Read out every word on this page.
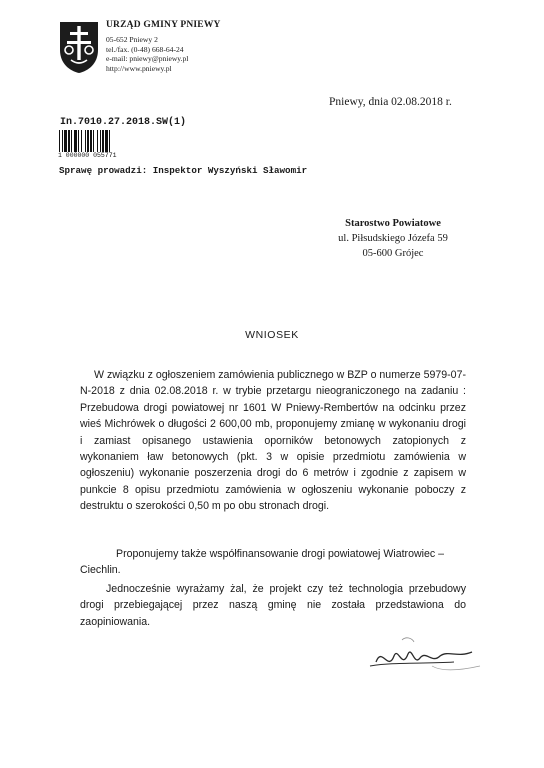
URZĄD GMINY PNIEWY
05-652 Pniewy 2
tel./fax. (0-48) 668-64-24
e-mail: pniewy@pniewy.pl
http://www.pniewy.pl
Pniewy, dnia 02.08.2018 r.
In.7010.27.2018.SW(1)
1 000000 055771
Sprawę prowadzi: Inspektor Wyszyński Sławomir
Starostwo Powiatowe
ul. Piłsudskiego Józefa 59
05-600 Grójec
WNIOSEK
W związku z ogłoszeniem zamówienia publicznego w BZP o numerze 5979-07-N-2018 z dnia 02.08.2018 r. w trybie przetargu nieograniczonego na zadaniu : Przebudowa drogi powiatowej nr 1601 W Pniewy-Rembertów na odcinku przez wieś Michrówek o długości 2 600,00 mb, proponujemy zmianę w wykonaniu drogi i zamiast opisanego ustawienia oporników betonowych zatopionych z wykonaniem ław betonowych (pkt. 3 w opisie przedmiotu zamówienia w ogłoszeniu) wykonanie poszerzenia drogi do 6 metrów i zgodnie z zapisem w punkcie 8 opisu przedmiotu zamówienia w ogłoszeniu wykonanie poboczy z destruktu o szerokości 0,50 m po obu stronach drogi.
Proponujemy także współfinansowanie drogi powiatowej Wiatrowiec – Ciechlin.
Jednocześnie wyrażamy żal, że projekt czy też technologia przebudowy drogi przebiegającej przez naszą gminę nie została przedstawiona do zaopiniowania.
